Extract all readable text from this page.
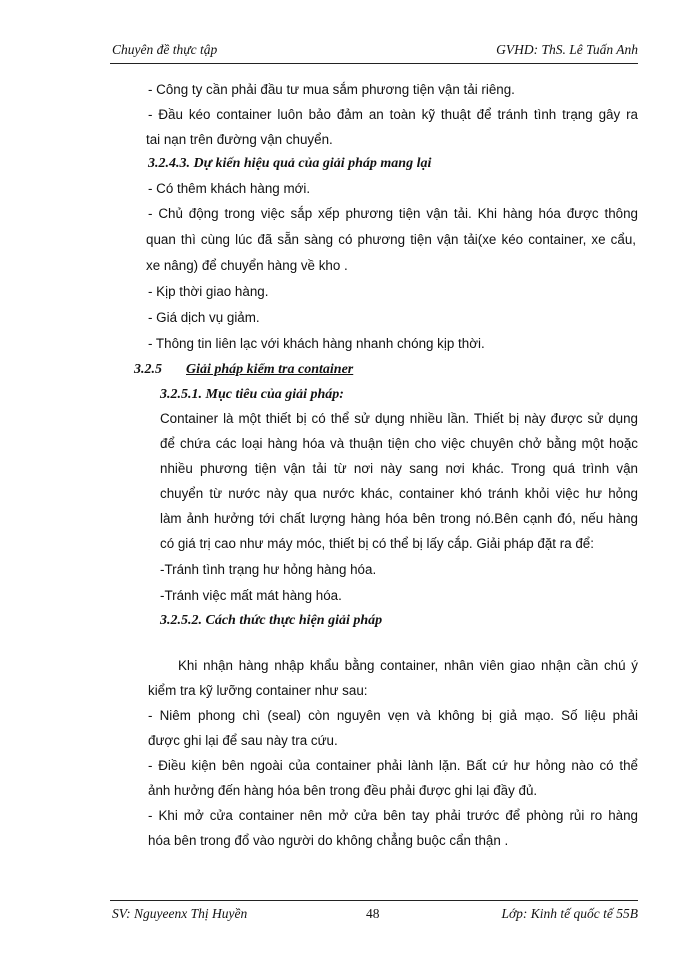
Chuyên đề thực tập	GVHD: ThS. Lê Tuấn Anh
- Công ty cần phải đầu tư mua sắm phương tiện vận tải riêng.
- Đầu kéo container luôn bảo đảm an toàn kỹ thuật để tránh tình trạng gây ra
tai nạn trên đường vận chuyển.
3.2.4.3. Dự kiến hiệu quả của giải pháp mang lại
- Có thêm khách hàng mới.
- Chủ động trong việc sắp xếp phương tiện vận tải. Khi hàng hóa được thông
quan thì cùng lúc đã sẵn sàng có phương tiện vận tải(xe kéo container, xe cẩu,
xe nâng) để chuyển hàng về kho .
- Kịp thời giao hàng.
- Giá dịch vụ giảm.
- Thông tin liên lạc với khách hàng nhanh chóng kịp thời.
3.2.5 Giải pháp kiểm tra container
3.2.5.1. Mục tiêu của giải pháp:
Container là một thiết bị có thể sử dụng nhiều lần. Thiết bị này được sử dụng
để chứa các loại hàng hóa và thuận tiện cho việc chuyên chở bằng một hoặc
nhiều phương tiện vận tải từ nơi này sang nơi khác. Trong quá trình vận
chuyển từ nước này qua nước khác, container khó tránh khỏi việc hư hỏng
làm ảnh hưởng tới chất lượng hàng hóa bên trong nó.Bên cạnh đó, nếu hàng
có giá trị cao như máy móc, thiết bị có thể bị lấy cắp. Giải pháp đặt ra để:
-Tránh tình trạng hư hỏng hàng hóa.
-Tránh việc mất mát hàng hóa.
3.2.5.2. Cách thức thực hiện giải pháp
Khi nhận hàng nhập khẩu bằng container, nhân viên giao nhận cần chú ý
kiểm tra kỹ lưỡng container như sau:
- Niêm phong chì (seal) còn nguyên vẹn và không bị giả mạo. Số liệu phải
được ghi lại để sau này tra cứu.
- Điều kiện bên ngoài của container phải lành lặn. Bất cứ hư hỏng nào có thể
ảnh hưởng đến hàng hóa bên trong đều phải được ghi lại đầy đủ.
- Khi mở cửa container nên mở cửa bên tay phải trước để phòng rủi ro hàng
hóa bên trong đổ vào người do không chẳng buộc cẩn thận .
SV: Nguyeenx Thị Huyền	48	Lớp: Kinh tế quốc tế 55B
